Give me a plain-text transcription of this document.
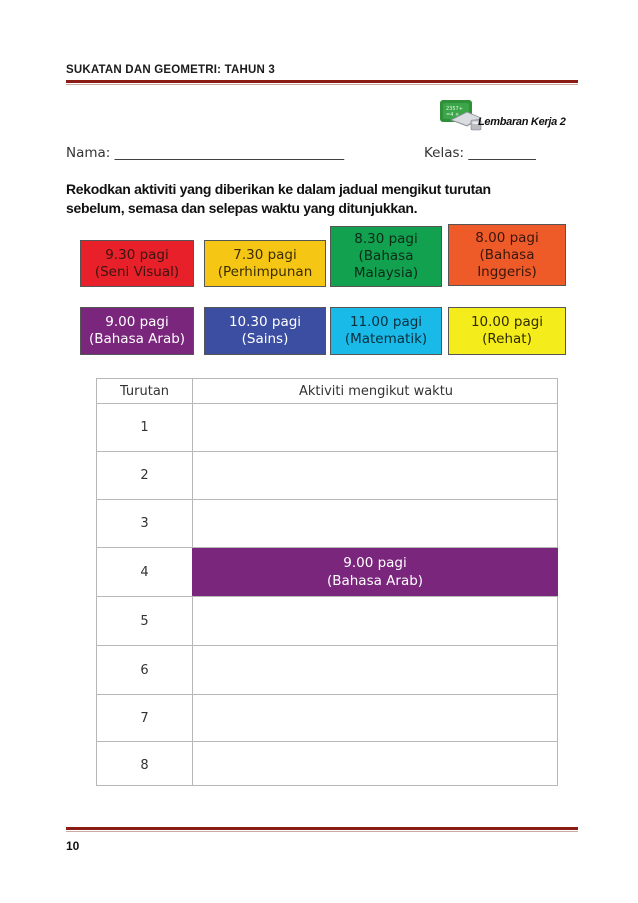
SUKATAN DAN GEOMETRI: TAHUN 3
2357+
=4 ×
Lembaran Kerja 2
Nama: __________________________________	Kelas: __________
Rekodkan aktiviti yang diberikan ke dalam jadual mengikut turutan
sebelum, semasa dan selepas waktu yang ditunjukkan.
9.30 pagi
(Seni Visual)
7.30 pagi
(Perhimpunan
8.30 pagi
(Bahasa
Malaysia)
8.00 pagi
(Bahasa
Inggeris)
9.00 pagi
(Bahasa Arab)
10.30 pagi
(Sains)
11.00 pagi
(Matematik)
10.00 pagi
(Rehat)
Turutan	Aktiviti mengikut waktu
1
2
3
4
9.00 pagi
(Bahasa Arab)
5
6
7
8
10
